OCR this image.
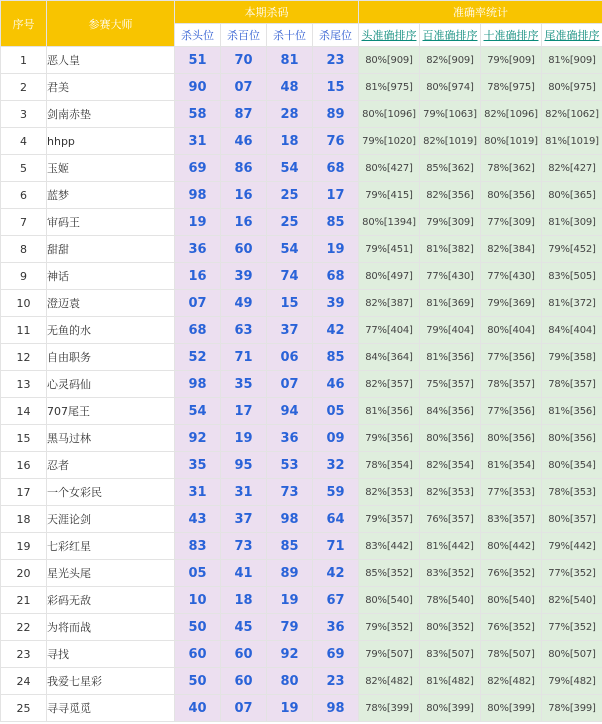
序号	参赛大师	本期杀码				准确率统计			
		杀头位	杀百位	杀十位	杀尾位	头准确排序	百准确排序	十准确排序	尾准确排序
1	恶人皇	51	70	81	23	80%[909]	82%[909]	79%[909]	81%[909]
2	君美	90	07	48	15	81%[975]	80%[974]	78%[975]	80%[975]
3	剑南赤垫	58	87	28	89	80%[1096]	79%[1063]	82%[1096]	82%[1062]
4	hhpp	31	46	18	76	79%[1020]	82%[1019]	80%[1019]	81%[1019]
5	玉姬	69	86	54	68	80%[427]	85%[362]	78%[362]	82%[427]
6	蓝梦	98	16	25	17	79%[415]	82%[356]	80%[356]	80%[365]
7	审码王	19	16	25	85	80%[1394]	79%[309]	77%[309]	81%[309]
8	甜甜	36	60	54	19	79%[451]	81%[382]	82%[384]	79%[452]
9	神话	16	39	74	68	80%[497]	77%[430]	77%[430]	83%[505]
10	澄迈袁	07	49	15	39	82%[387]	81%[369]	79%[369]	81%[372]
11	无鱼的水	68	63	37	42	77%[404]	79%[404]	80%[404]	84%[404]
12	自由职务	52	71	06	85	84%[364]	81%[356]	77%[356]	79%[358]
13	心灵码仙	98	35	07	46	82%[357]	75%[357]	78%[357]	78%[357]
14	707尾王	54	17	94	05	81%[356]	84%[356]	77%[356]	81%[356]
15	黑马过林	92	19	36	09	79%[356]	80%[356]	80%[356]	80%[356]
16	忍者	35	95	53	32	78%[354]	82%[354]	81%[354]	80%[354]
17	一个女彩民	31	31	73	59	82%[353]	82%[353]	77%[353]	78%[353]
18	天涯论剑	43	37	98	64	79%[357]	76%[357]	83%[357]	80%[357]
19	七彩红星	83	73	85	71	83%[442]	81%[442]	80%[442]	79%[442]
20	星光头尾	05	41	89	42	85%[352]	83%[352]	76%[352]	77%[352]
21	彩码无敌	10	18	19	67	80%[540]	78%[540]	80%[540]	82%[540]
22	为将而战	50	45	79	36	79%[352]	80%[352]	76%[352]	77%[352]
23	寻找	60	60	92	69	79%[507]	83%[507]	78%[507]	80%[507]
24	我爱七星彩	50	60	80	23	82%[482]	81%[482]	82%[482]	79%[482]
25	寻寻觅觅	40	07	19	98	78%[399]	80%[399]	80%[399]	78%[399]
